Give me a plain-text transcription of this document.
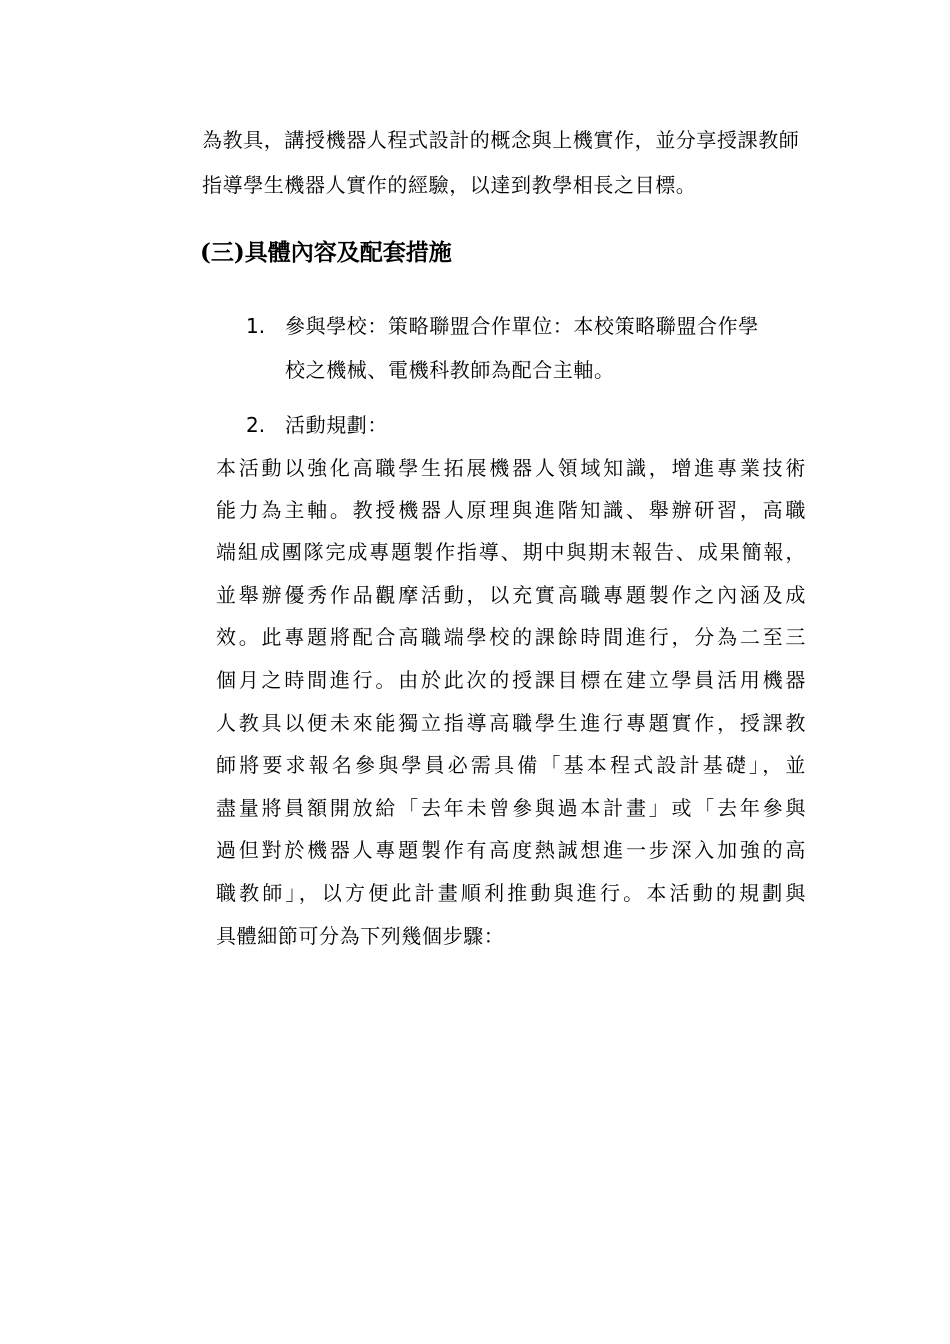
為教具，講授機器人程式設計的概念與上機實作，並分享授課教師
指導學生機器人實作的經驗，以達到教學相長之目標。
(三)具體內容及配套措施
1. 參與學校：策略聯盟合作單位：本校策略聯盟合作學
校之機械、電機科教師為配合主軸。
2. 活動規劃：
本活動以強化高職學生拓展機器人領域知識，增進專業技術
能力為主軸。教授機器人原理與進階知識、舉辦研習，高職
端組成團隊完成專題製作指導、期中與期末報告、成果簡報，
並舉辦優秀作品觀摩活動，以充實高職專題製作之內涵及成
效。此專題將配合高職端學校的課餘時間進行，分為二至三
個月之時間進行。由於此次的授課目標在建立學員活用機器
人教具以便未來能獨立指導高職學生進行專題實作，授課教
師將要求報名參與學員必需具備「基本程式設計基礎」，並
盡量將員額開放給「去年未曾參與過本計畫」或「去年參與
過但對於機器人專題製作有高度熱誠想進一步深入加強的高
職教師」，以方便此計畫順利推動與進行。本活動的規劃與
具體細節可分為下列幾個步驟：
